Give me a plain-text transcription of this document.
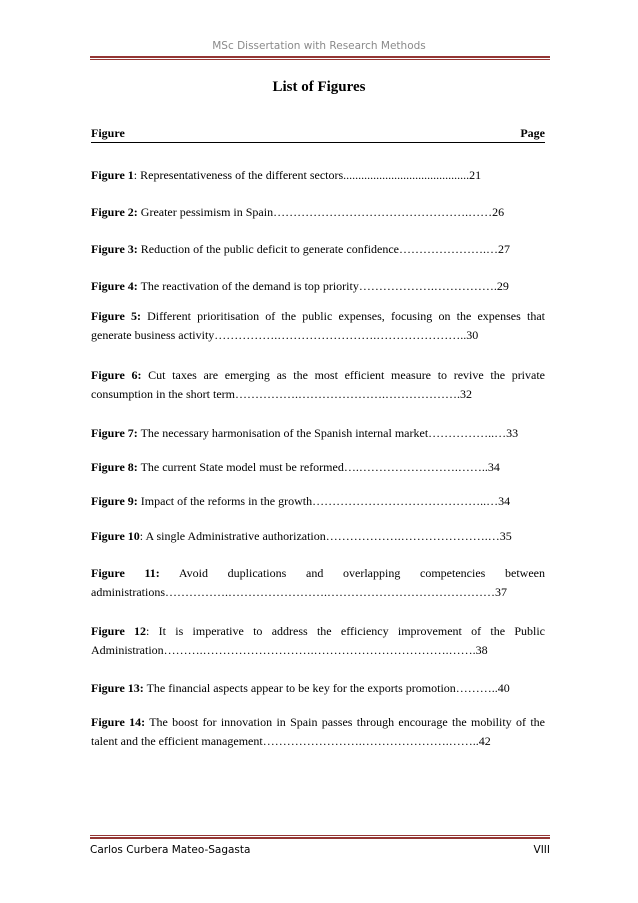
MSc Dissertation with Research Methods
List of Figures
Figure	Page
Figure 1: Representativeness of the different sectors..........................................21
Figure 2: Greater pessimism in Spain………………………………………….……26
Figure 3: Reduction of the public deficit to generate confidence………………….…27
Figure 4: The reactivation of the demand is top priority……………….…………….29
Figure 5: Different prioritisation of the public expenses, focusing on the expenses that generate business activity…………….…………………….…………………..30
Figure 6: Cut taxes are emerging as the most efficient measure to revive the private consumption in the short term…………….………………….……………….32
Figure 7: The necessary harmonisation of the Spanish internal market……………..…33
Figure 8: The current State model must be reformed….…………………….……..34
Figure 9: Impact of the reforms in the growth……………………………………..…34
Figure 10: A single Administrative authorization……………….………………….…35
Figure 11: Avoid duplications and overlapping competencies between administrations…………….…………………….……………………………………37
Figure 12: It is imperative to address the efficiency improvement of the Public Administration……….……………………….…………………………….…….38
Figure 13: The financial aspects appear to be key for the exports promotion………..40
Figure 14: The boost for innovation in Spain passes through encourage the mobility of the talent and the efficient management…………………….………………….……..42
Carlos Curbera Mateo-Sagasta	VIII
